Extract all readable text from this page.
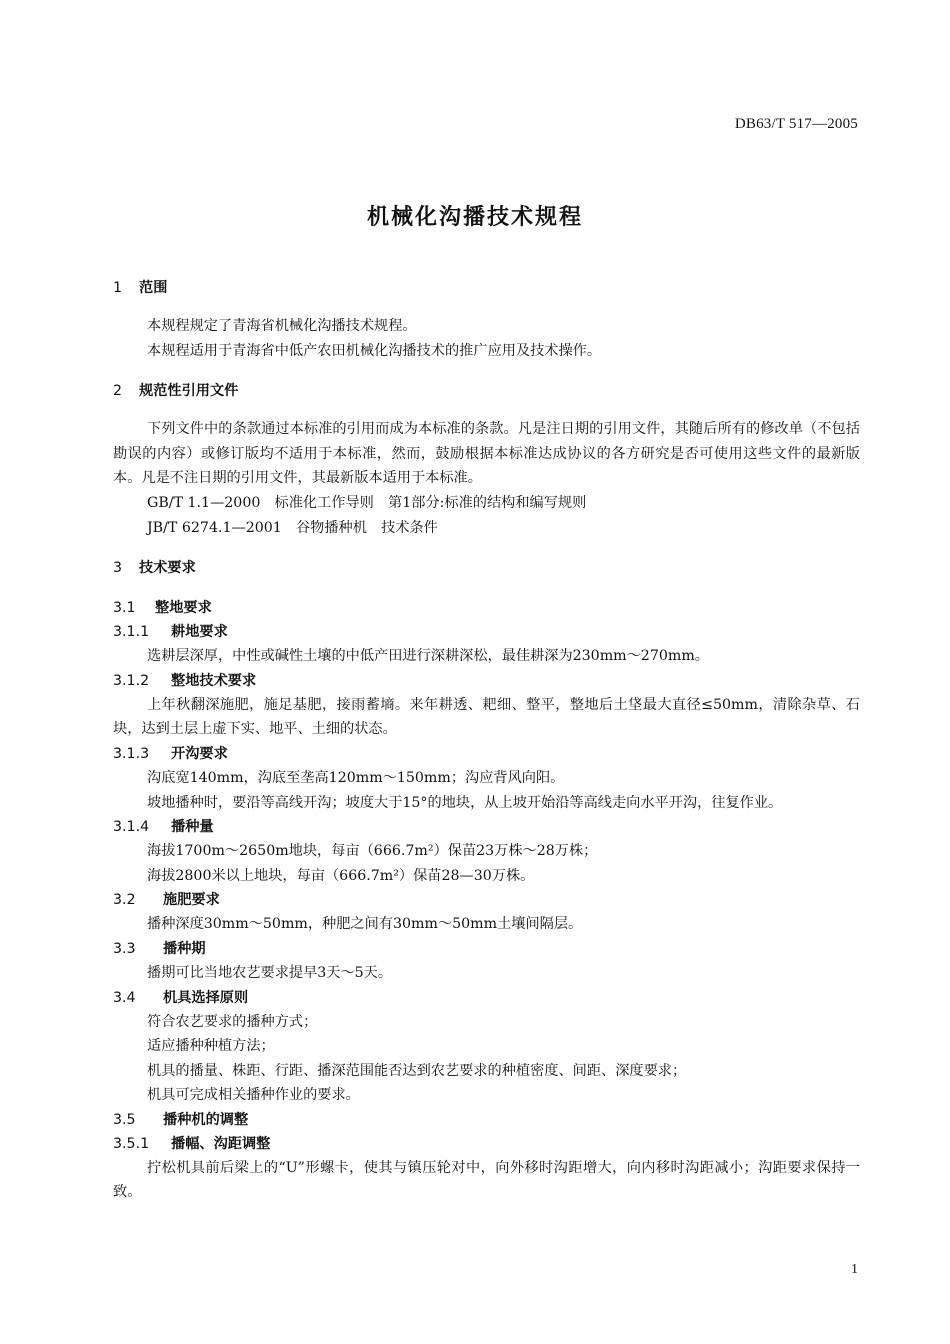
DB63/T 517—2005
机械化沟播技术规程
1 范围
本规程规定了青海省机械化沟播技术规程。
本规程适用于青海省中低产农田机械化沟播技术的推广应用及技术操作。
2 规范性引用文件
下列文件中的条款通过本标准的引用而成为本标准的条款。凡是注日期的引用文件，其随后所有的修改单（不包括勘误的内容）或修订版均不适用于本标准，然而，鼓励根据本标准达成协议的各方研究是否可使用这些文件的最新版本。凡是不注日期的引用文件，其最新版本适用于本标准。
GB/T 1.1—2000　标准化工作导则　第1部分:标准的结构和编写规则
JB/T 6274.1—2001　谷物播种机　技术条件
3 技术要求
3.1 整地要求
3.1.1 耕地要求
选耕层深厚，中性或碱性土壤的中低产田进行深耕深松，最佳耕深为230mm～270mm。
3.1.2 整地技术要求
上年秋翻深施肥，施足基肥，接雨蓄墒。来年耕透、耙细、整平，整地后土垡最大直径≤50mm，清除杂草、石块，达到土层上虚下实、地平、土细的状态。
3.1.3 开沟要求
沟底宽140mm，沟底至垄高120mm～150mm；沟应背风向阳。
坡地播种时，要沿等高线开沟；坡度大于15°的地块，从上坡开始沿等高线走向水平开沟，往复作业。
3.1.4 播种量
海拔1700m～2650m地块，每亩（666.7m²）保苗23万株～28万株；
海拔2800米以上地块，每亩（666.7m²）保苗28—30万株。
3.2 施肥要求
播种深度30mm～50mm，种肥之间有30mm～50mm土壤间隔层。
3.3 播种期
播期可比当地农艺要求提早3天～5天。
3.4 机具选择原则
符合农艺要求的播种方式；
适应播种种植方法；
机具的播量、株距、行距、播深范围能否达到农艺要求的种植密度、间距、深度要求；
机具可完成相关播种作业的要求。
3.5 播种机的调整
3.5.1 播幅、沟距调整
拧松机具前后梁上的“U”形螺卡，使其与镇压轮对中，向外移时沟距增大，向内移时沟距减小；沟距要求保持一致。
1
